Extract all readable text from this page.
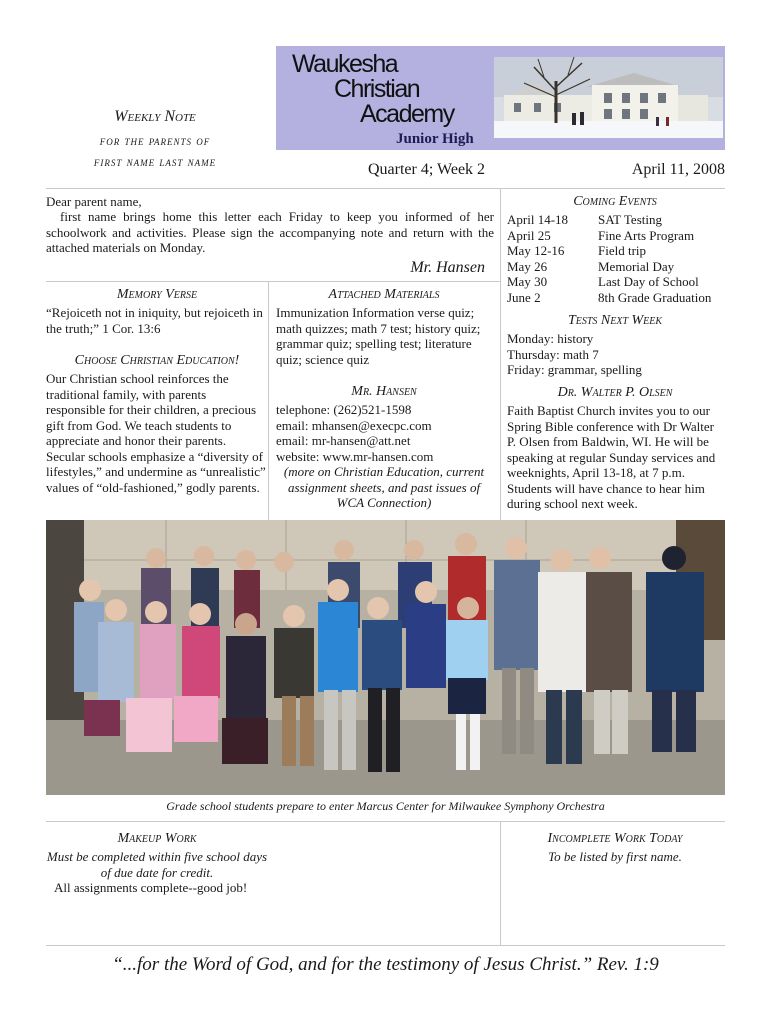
Waukesha
Christian
Academy
Junior High
Weekly Note
for the parents of
first name last name	Quarter 4; Week 2	April 11, 2008
Dear parent name,
first name brings home this letter each Friday to keep you informed of her schoolwork and activities. Please sign the accompanying note and return with the attached materials on Monday.
Mr. Hansen
Memory Verse
“Rejoiceth not in iniquity, but rejoiceth in the truth;” 1 Cor. 13:6
Choose Christian Education!
Our Christian school reinforces the traditional family, with parents responsible for their children, a precious gift from God. We teach students to appreciate and honor their parents. Secular schools emphasize a “diversity of lifestyles,” and undermine as “unrealistic” values of “old-fashioned,” godly parents.
Attached Materials
Immunization Information verse quiz; math quizzes; math 7 test; history quiz; grammar quiz; spelling test; literature quiz; science quiz
Mr. Hansen
telephone: (262)521-1598
email: mhansen@execpc.com
email: mr-hansen@att.net
website: www.mr-hansen.com
(more on Christian Education, current assignment sheets, and past issues of WCA Connection)
Coming Events
April 14-18	SAT Testing
April 25	Fine Arts Program
May 12-16	Field trip
May 26	Memorial Day
May 30	Last Day of School
June 2	8th Grade Graduation
Tests Next Week
Monday: history
Thursday: math 7
Friday: grammar, spelling
Dr. Walter P. Olsen
Faith Baptist Church invites you to our Spring Bible conference with Dr Walter P. Olsen from Baldwin, WI. He will be speaking at regular Sunday services and weeknights, April 13-18, at 7 p.m. Students will have chance to hear him during school next week.
Grade school students prepare to enter Marcus Center for Milwaukee Symphony Orchestra
Makeup Work
Must be completed within five school days of due date for credit.
All assignments complete--good job!
Incomplete Work Today
To be listed by first name.
“...for the Word of God, and for the testimony of Jesus Christ.” Rev. 1:9
